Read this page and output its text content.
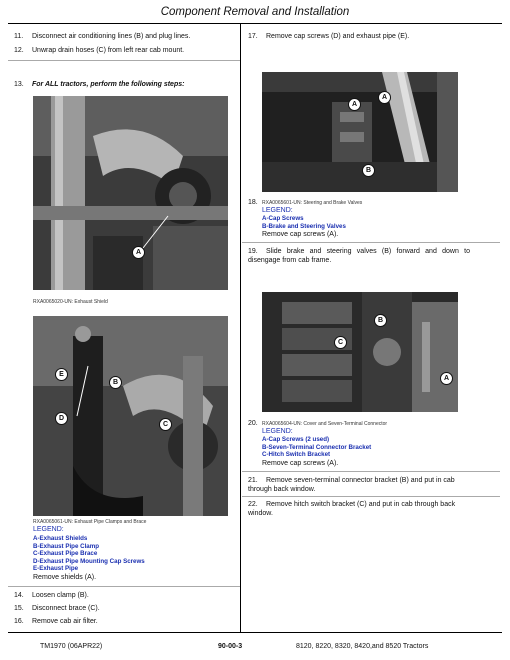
Component Removal and Installation
11. Disconnect air conditioning lines (B) and plug lines.
12. Unwrap drain hoses (C) from left rear cab mount.
13. For ALL tractors, perform the following steps:
A
RXA0065020-UN: Exhaust Shield
E
B
D
C
RXA0065061-UN: Exhaust Pipe Clamps and Brace
LEGEND:
A-Exhaust Shields
B-Exhaust Pipe Clamp
C-Exhaust Pipe Brace
D-Exhaust Pipe Mounting Cap Screws
E-Exhaust Pipe
Remove shields (A).
14. Loosen clamp (B).
15. Disconnect brace (C).
16. Remove cab air filter.
17. Remove cap screws (D) and exhaust pipe (E).
A
A
B
18. RXA0065601-UN: Steering and Brake Valves
LEGEND:
A-Cap Screws
B-Brake and Steering Valves
Remove cap screws (A).
19. Slide brake and steering valves (B) forward and down to disengage from cab frame.
B
C
A
20. RXA0065604-UN: Cover and Seven-Terminal Connector
LEGEND:
A-Cap Screws (2 used)
B-Seven-Terminal Connector Bracket
C-Hitch Switch Bracket
Remove cap screws (A).
21. Remove seven-terminal connector bracket (B) and put in cab through back window.
22. Remove hitch switch bracket (C) and put in cab through back window.
TM1970 (06APR22)	90-00-3	8120, 8220, 8320, 8420,and 8520 Tractors
